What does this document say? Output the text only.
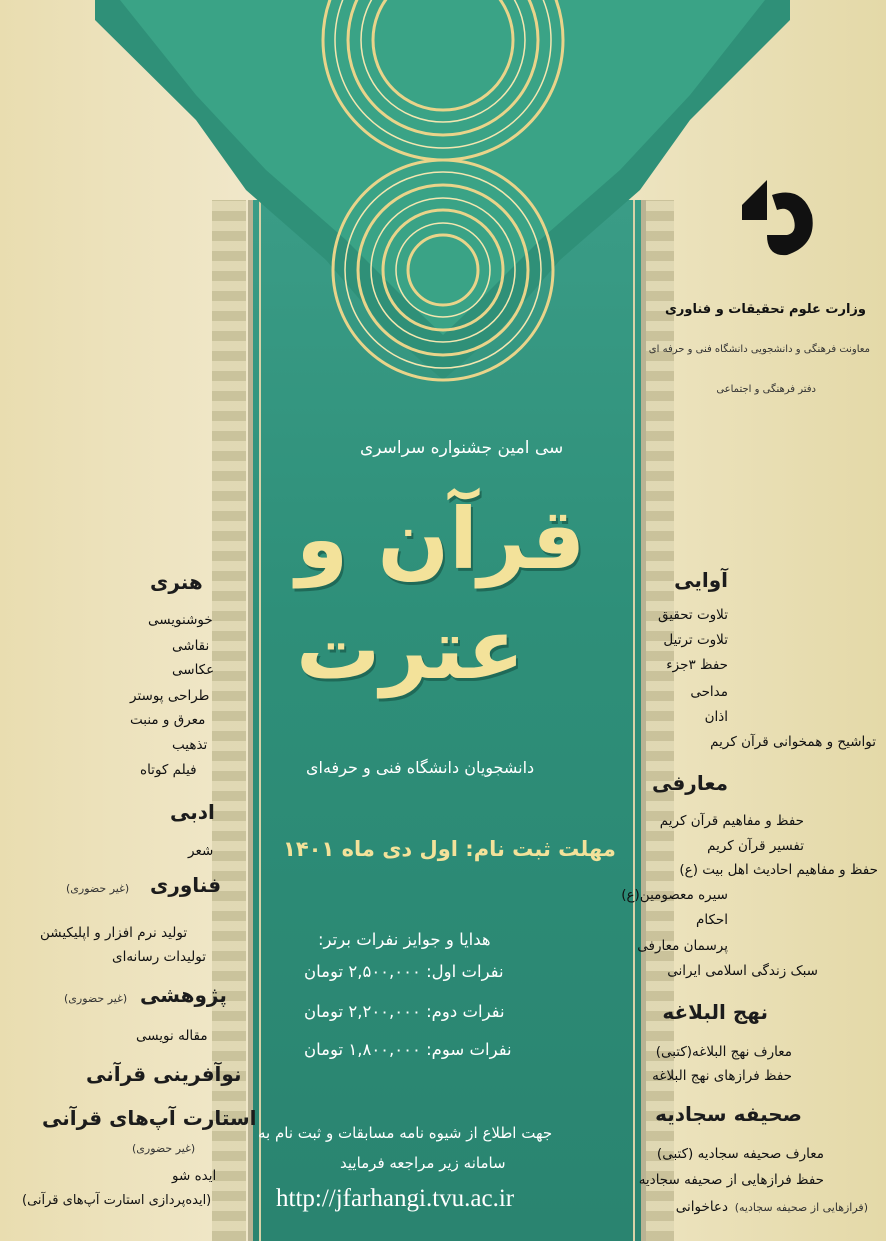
وزارت علوم تحقیقات و فناوری
معاونت فرهنگی و دانشجویی دانشگاه فنی و حرفه ای
دفتر فرهنگی و اجتماعی
سی امین جشنواره سراسری
قرآن و
عترت
دانشجویان دانشگاه فنی و حرفه‌ای
مهلت ثبت نام: اول دی ماه ۱۴۰۱
هدایا و جوایز نفرات برتر:
نفرات اول: ۲,۵۰۰,۰۰۰ تومان
نفرات دوم: ۲,۲۰۰,۰۰۰ تومان
نفرات سوم: ۱,۸۰۰,۰۰۰ تومان
جهت اطلاع از شیوه نامه مسابقات و ثبت نام به
سامانه زیر مراجعه فرمایید
http://jfarhangi.tvu.ac.ir
آوایی
تلاوت تحقیق
تلاوت ترتیل
حفظ ۳جزء
مداحی
اذان
تواشیح و همخوانی قرآن کریم
معارفی
حفظ و مفاهیم قرآن کریم
تفسیر قرآن کریم
حفظ و مفاهیم احادیث اهل بیت (ع)
سیره معصومین(ع)
احکام
پرسمان معارفی
سبک زندگی اسلامی ایرانی
نهج البلاغه
معارف نهج البلاغه(کتبی)
حفظ فرازهای نهج البلاغه
صحیفه سجادیه
معارف صحیفه سجادیه (کتبی)
حفظ فرازهایی از صحیفه سجادیه
دعاخوانی (فرازهایی از صحیفه سجادیه)
هنری
خوشنویسی
نقاشی
عکاسی
طراحی پوستر
معرق و منبت
تذهیب
فیلم کوتاه
ادبی
شعر
فناوری
(غیر حضوری)
تولید نرم افزار و اپلیکیشن
تولیدات رسانه‌ای
پژوهشی
(غیر حضوری)
مقاله نویسی
نوآفرینی قرآنی
استارت آپ‌های قرآنی
(غیر حضوری)
ایده شو
(ایده‌پردازی استارت آپ‌های قرآنی)
